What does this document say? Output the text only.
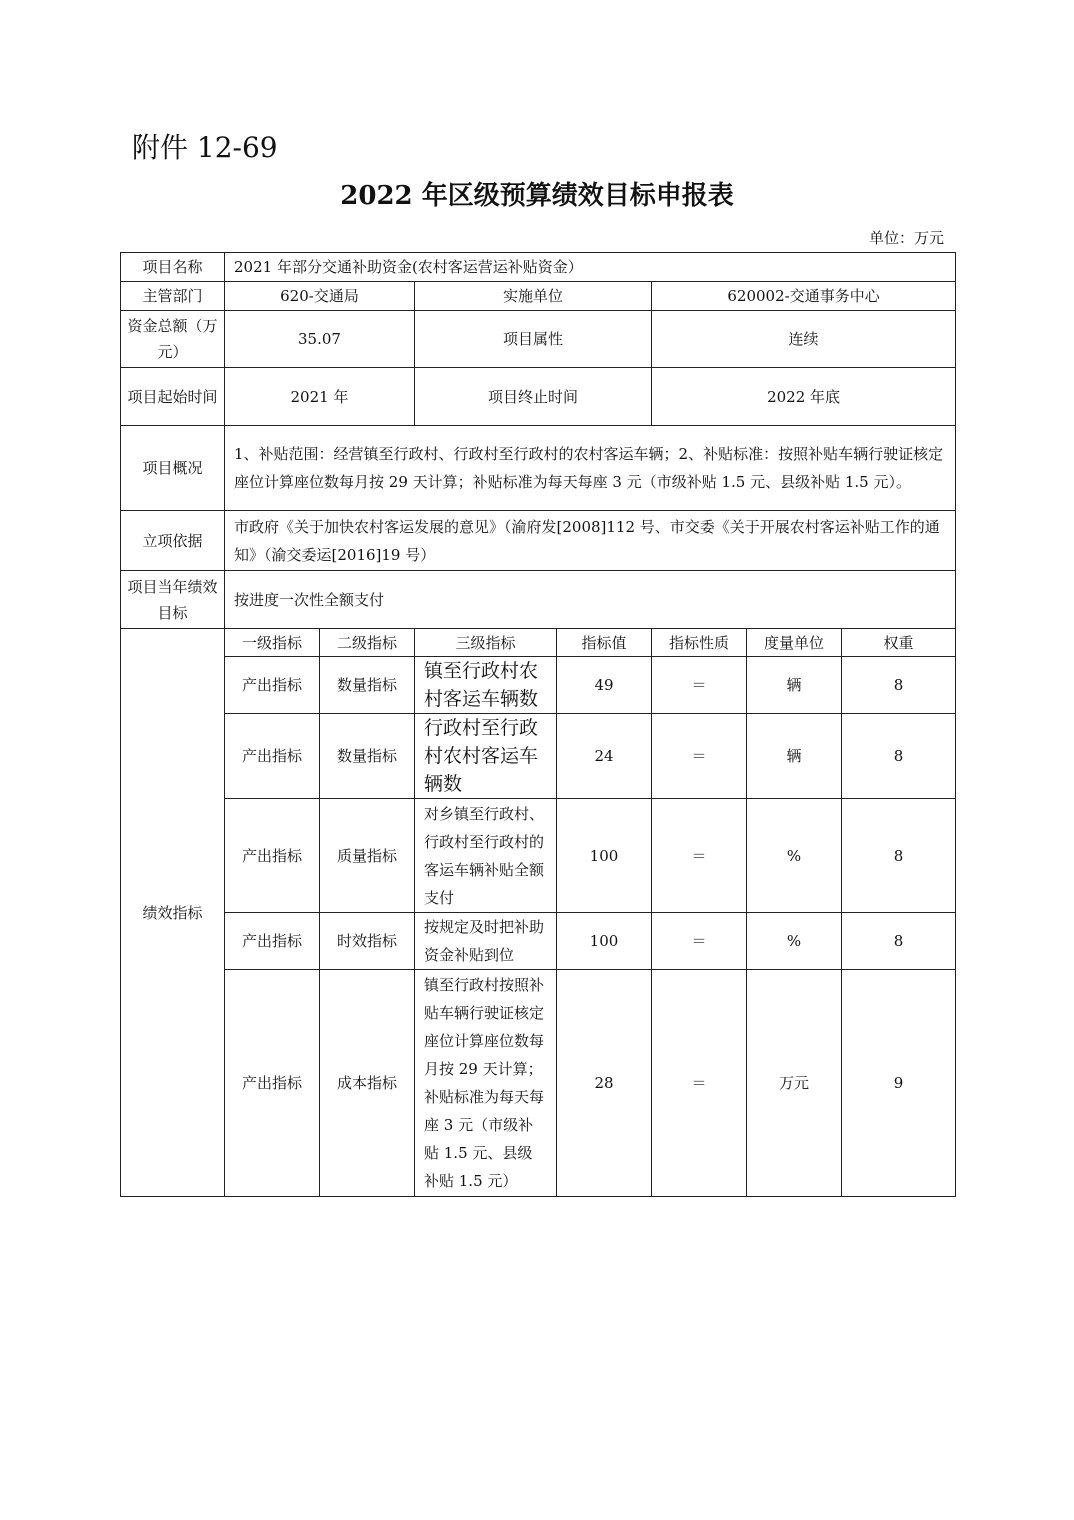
附件 12-69
2022 年区级预算绩效目标申报表
单位：万元
项目名称	2021 年部分交通补助资金(农村客运营运补贴资金）						
主管部门	620-交通局		实施单位		620002-交通事务中心		
资金总额（万元）	35.07		项目属性		连续		
项目起始时间	2021 年		项目终止时间		2022 年底		
项目概况	1、补贴范围：经营镇至行政村、行政村至行政村的农村客运车辆；2、补贴标准：按照补贴车辆行驶证核定座位计算座位数每月按 29 天计算；补贴标准为每天每座 3 元（市级补贴 1.5 元、县级补贴 1.5 元）。						
立项依据	市政府《关于加快农村客运发展的意见》（渝府发[2008]112 号、市交委《关于开展农村客运补贴工作的通知》（渝交委运[2016]19 号）						
项目当年绩效目标	按进度一次性全额支付						
绩效指标	一级指标	二级指标	三级指标	指标值	指标性质	度量单位	权重
	产出指标	数量指标	镇至行政村农村客运车辆数	49	＝	辆	8
	产出指标	数量指标	行政村至行政村农村客运车辆数	24	＝	辆	8
	产出指标	质量指标	对乡镇至行政村、行政村至行政村的客运车辆补贴全额支付	100	＝	%	8
	产出指标	时效指标	按规定及时把补助资金补贴到位	100	＝	%	8
	产出指标	成本指标	镇至行政村按照补贴车辆行驶证核定座位计算座位数每月按 29 天计算；补贴标准为每天每座 3 元（市级补贴 1.5 元、县级补贴 1.5 元）	28	＝	万元	9
